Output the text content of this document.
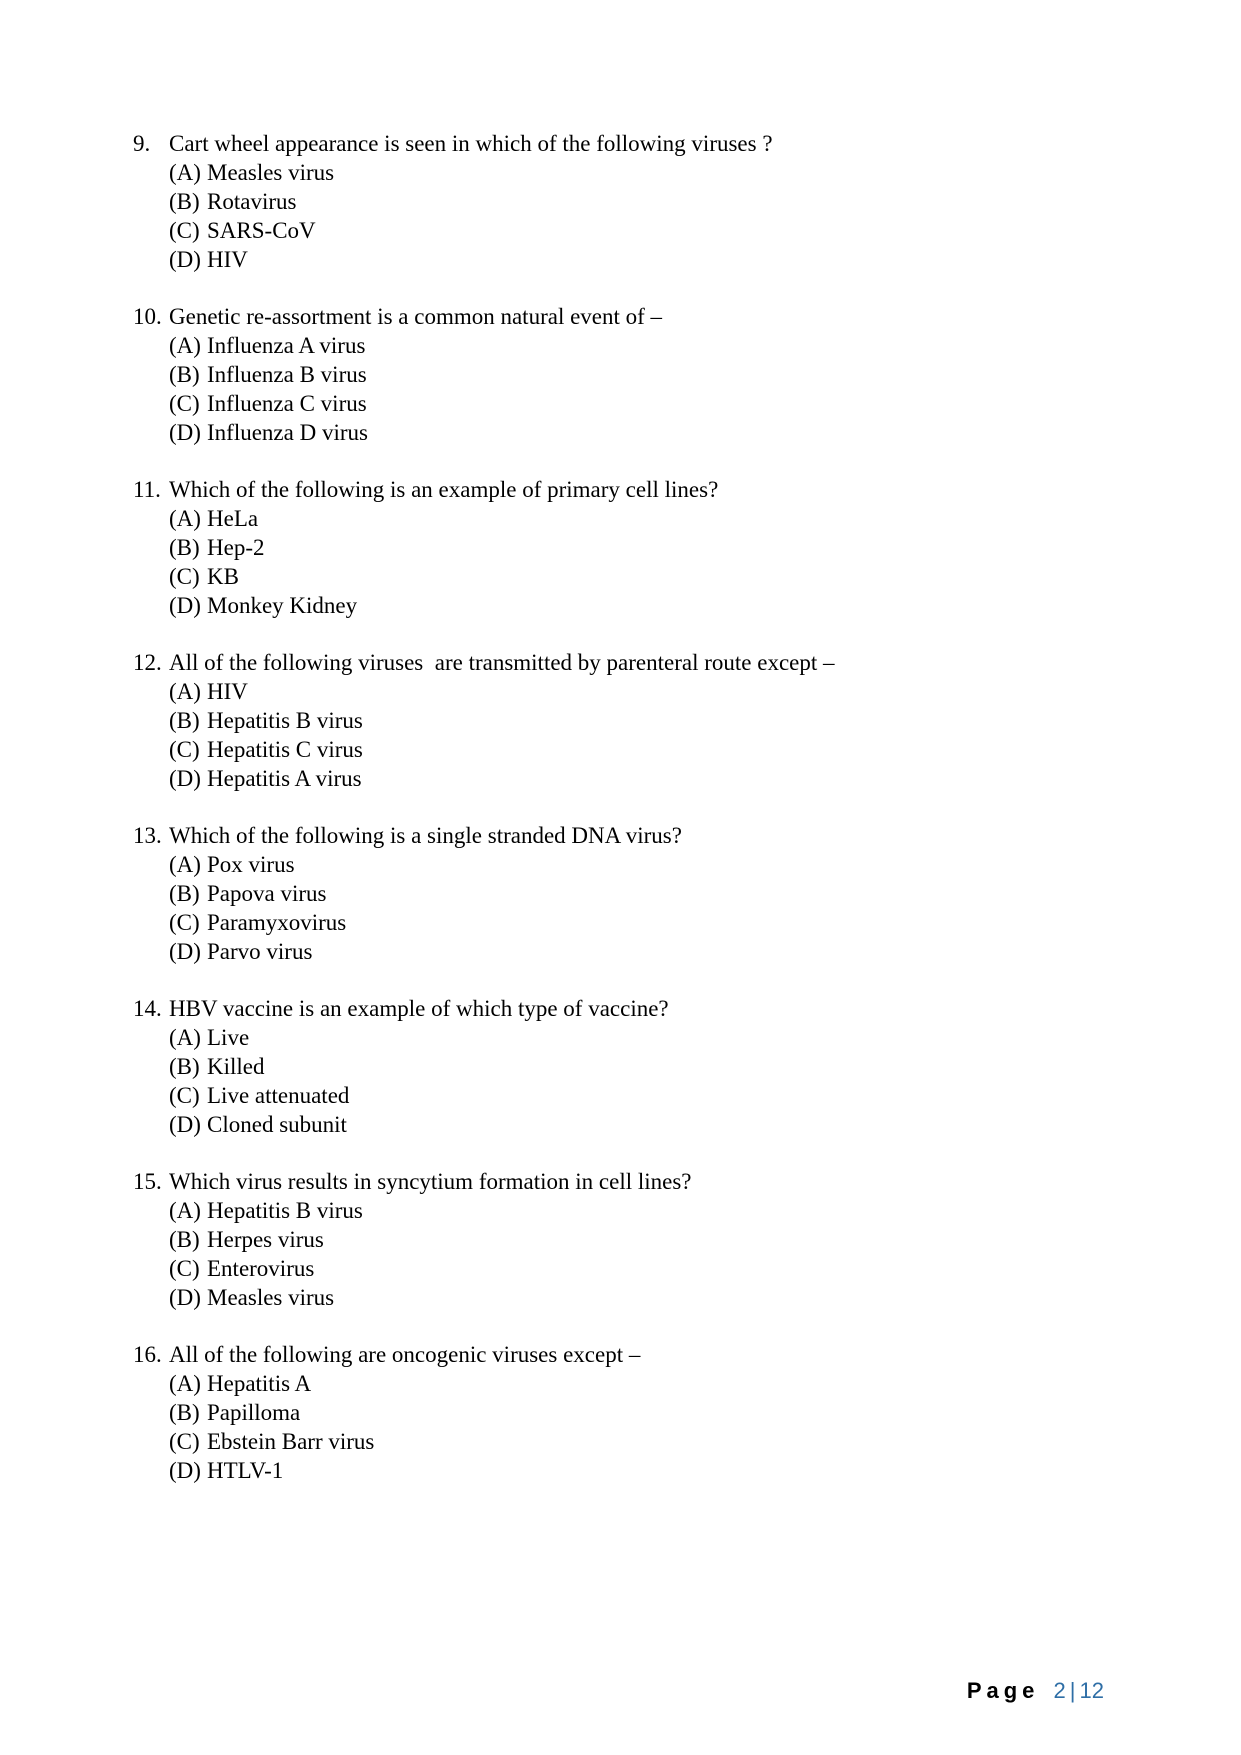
9. Cart wheel appearance is seen in which of the following viruses ?
(A) Measles virus
(B) Rotavirus
(C) SARS-CoV
(D) HIV
10. Genetic re-assortment is a common natural event of –
(A) Influenza A virus
(B) Influenza B virus
(C) Influenza C virus
(D) Influenza D virus
11. Which of the following is an example of primary cell lines?
(A) HeLa
(B) Hep-2
(C) KB
(D) Monkey Kidney
12. All of the following viruses  are transmitted by parenteral route except –
(A) HIV
(B) Hepatitis B virus
(C) Hepatitis C virus
(D) Hepatitis A virus
13. Which of the following is a single stranded DNA virus?
(A) Pox virus
(B) Papova virus
(C) Paramyxovirus
(D) Parvo virus
14. HBV vaccine is an example of which type of vaccine?
(A) Live
(B) Killed
(C) Live attenuated
(D) Cloned subunit
15. Which virus results in syncytium formation in cell lines?
(A) Hepatitis B virus
(B) Herpes virus
(C) Enterovirus
(D) Measles virus
16. All of the following are oncogenic viruses except –
(A) Hepatitis A
(B) Papilloma
(C) Ebstein Barr virus
(D) HTLV-1
Page 2 | 12
